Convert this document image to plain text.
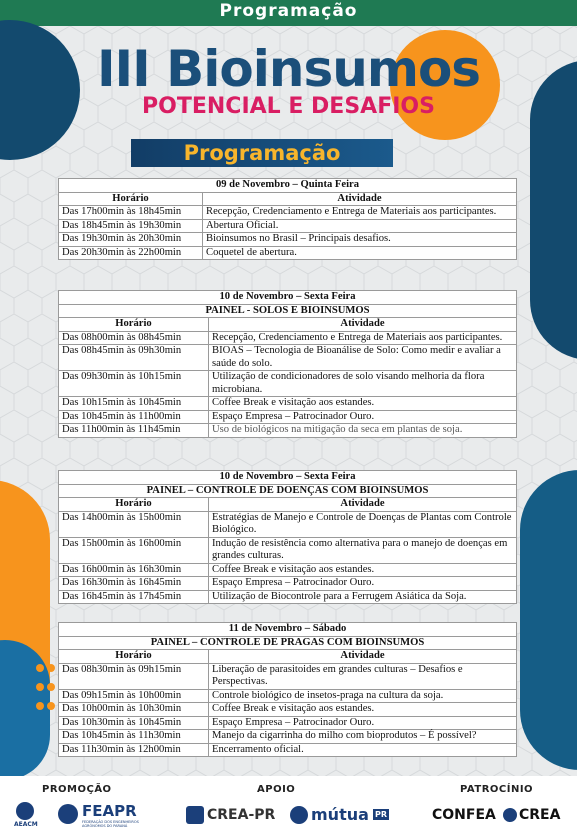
Programação
III Bioinsumos
POTENCIAL E DESAFIOS
Programação
09 de Novembro – Quinta Feira	
Horário	Atividade
Das 17h00min às 18h45min	Recepção, Credenciamento e Entrega de Materiais aos participantes.
Das 18h45min às 19h30min	Abertura Oficial.
Das 19h30min às 20h30min	Bioinsumos no Brasil – Principais desafios.
Das 20h30min às 22h00min	Coquetel de abertura.
10 de Novembro – Sexta Feira	
PAINEL - SOLOS E BIOINSUMOS	
Horário	Atividade
Das 08h00min às 08h45min	Recepção, Credenciamento e Entrega de Materiais aos participantes.
Das 08h45min às 09h30min	BIOAS – Tecnologia de Bioanálise de Solo: Como medir e avaliar a saúde do solo.
Das 09h30min às 10h15min	Utilização de condicionadores de solo visando melhoria da flora microbiana.
Das 10h15min às 10h45min	Coffee Break e visitação aos estandes.
Das 10h45min às 11h00min	Espaço Empresa – Patrocinador Ouro.
Das 11h00min às 11h45min	Uso de biológicos na mitigação da seca em plantas de soja.
10 de Novembro – Sexta Feira	
PAINEL – CONTROLE DE DOENÇAS COM BIOINSUMOS	
Horário	Atividade
Das 14h00min às 15h00min	Estratégias de Manejo e Controle de Doenças de Plantas com Controle Biológico.
Das 15h00min às 16h00min	Indução de resistência como alternativa para o manejo de doenças em grandes culturas.
Das 16h00min às 16h30min	Coffee Break e visitação aos estandes.
Das 16h30min às 16h45min	Espaço Empresa – Patrocinador Ouro.
Das 16h45min às 17h45min	Utilização de Biocontrole para a Ferrugem Asiática da Soja.
11 de Novembro – Sábado	
PAINEL – CONTROLE DE PRAGAS COM BIOINSUMOS	
Horário	Atividade
Das 08h30min às 09h15min	Liberação de parasitoides em grandes culturas – Desafios e Perspectivas.
Das 09h15min às 10h00min	Controle biológico de insetos-praga na cultura da soja.
Das 10h00min às 10h30min	Coffee Break e visitação aos estandes.
Das 10h30min às 10h45min	Espaço Empresa – Patrocinador Ouro.
Das 10h45min às 11h30min	Manejo da cigarrinha do milho com bioprodutos – É possível?
Das 11h30min às 12h00min	Encerramento oficial.
PROMOÇÃO	APOIO	PATROCÍNIO
AEACM
FEAPR
FEDERAÇÃO DOS ENGENHEIROS AGRÔNOMOS DO PARANÁ
CREA-PR mútua PR	CONFEA CREA
